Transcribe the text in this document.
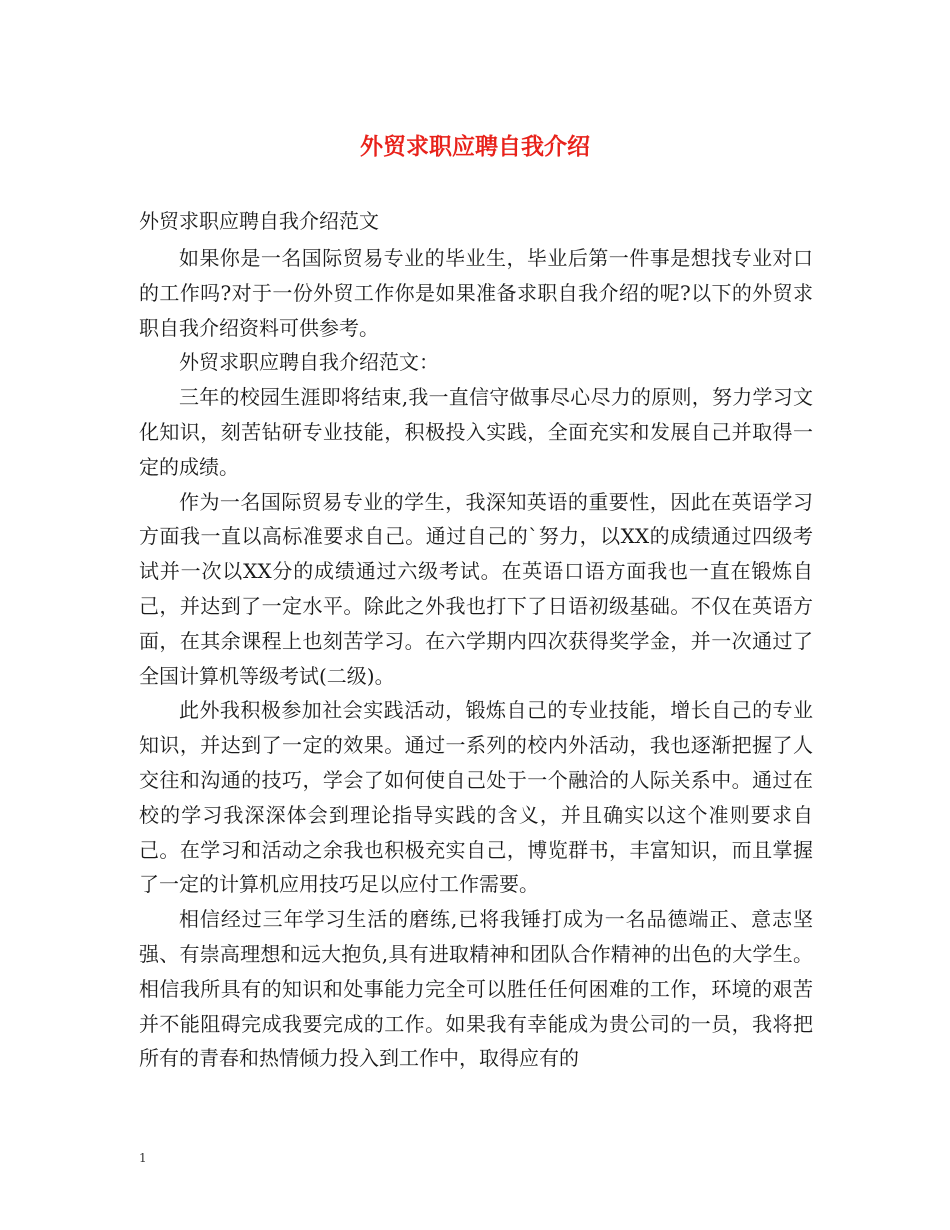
外贸求职应聘自我介绍
外贸求职应聘自我介绍范文

如果你是一名国际贸易专业的毕业生，毕业后第一件事是想找专业对口的工作吗?对于一份外贸工作你是如果准备求职自我介绍的呢?以下的外贸求职自我介绍资料可供参考。

外贸求职应聘自我介绍范文：

三年的校园生涯即将结束,我一直信守做事尽心尽力的原则，努力学习文化知识，刻苦钻研专业技能，积极投入实践，全面充实和发展自己并取得一定的成绩。

作为一名国际贸易专业的学生，我深知英语的重要性，因此在英语学习方面我一直以高标准要求自己。通过自己的`努力，以XX的成绩通过四级考试并一次以XX分的成绩通过六级考试。在英语口语方面我也一直在锻炼自己，并达到了一定水平。除此之外我也打下了日语初级基础。不仅在英语方面，在其余课程上也刻苦学习。在六学期内四次获得奖学金，并一次通过了全国计算机等级考试(二级)。

此外我积极参加社会实践活动，锻炼自己的专业技能，增长自己的专业知识，并达到了一定的效果。通过一系列的校内外活动，我也逐渐把握了人交往和沟通的技巧，学会了如何使自己处于一个融洽的人际关系中。通过在校的学习我深深体会到理论指导实践的含义，并且确实以这个准则要求自己。在学习和活动之余我也积极充实自己，博览群书，丰富知识，而且掌握了一定的计算机应用技巧足以应付工作需要。

相信经过三年学习生活的磨练,已将我锤打成为一名品德端正、意志坚强、有崇高理想和远大抱负,具有进取精神和团队合作精神的出色的大学生。相信我所具有的知识和处事能力完全可以胜任任何困难的工作，环境的艰苦并不能阻碍完成我要完成的工作。如果我有幸能成为贵公司的一员，我将把所有的青春和热情倾力投入到工作中，取得应有的

1
